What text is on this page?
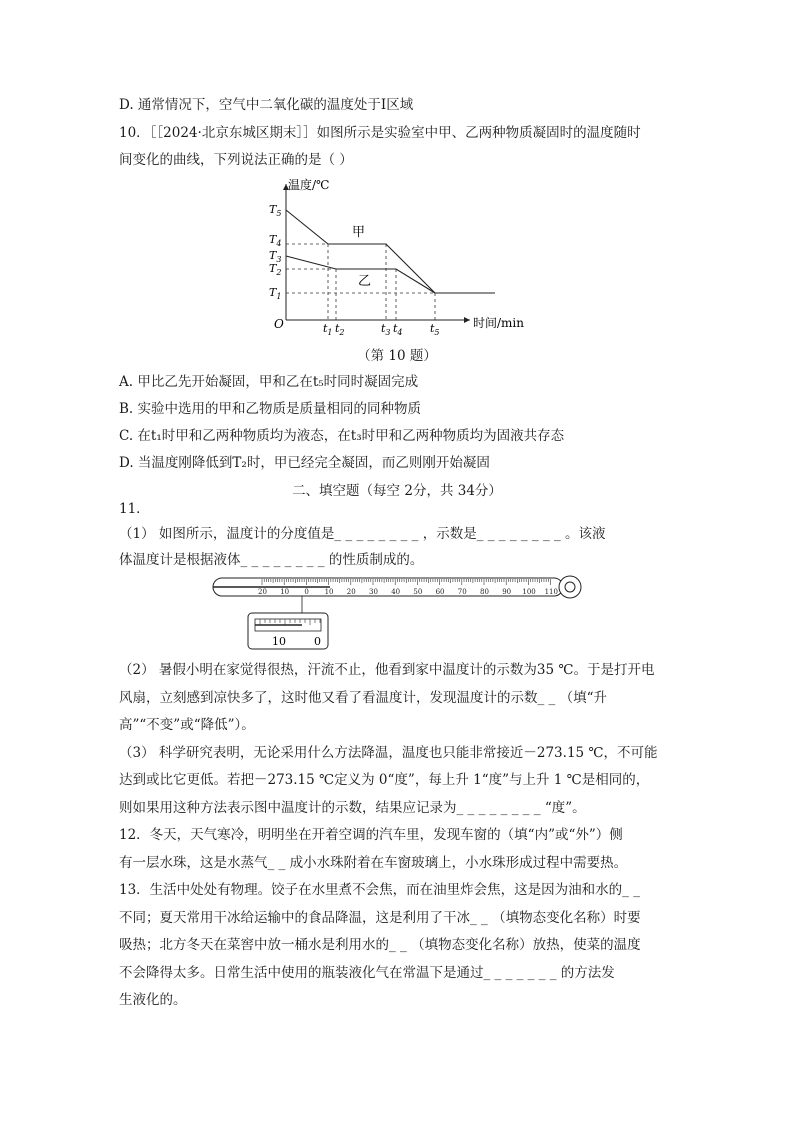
D. 通常情况下，空气中二氧化碳的温度处于Ⅰ区域
10．［［2024·北京东城区期末］］如图所示是实验室中甲、乙两种物质凝固时的温度随时
间变化的曲线，下列说法正确的是（ ）
温度/℃
时间/min
O
甲
乙
$T_5$
$T_4$
$T_3$
$T_2$
$T_1$
$t_1$ $t_2$	$t_3$ $t_4$ $t_5$
（第 10 题）
A. 甲比乙先开始凝固，甲和乙在t₅时同时凝固完成
B. 实验中选用的甲和乙物质是质量相同的同种物质
C. 在t₁时甲和乙两种物质均为液态，在t₃时甲和乙两种物质均为固液共存态
D. 当温度刚降低到T₂时，甲已经完全凝固，而乙则刚开始凝固
二、填空题（每空 2分，共 34分）
11．
（1） 如图所示，温度计的分度值是_ _ _ _ _ _ _ _ ，示数是_ _ _ _ _ _ _ _ 。该液
体温度计是根据液体_ _ _ _ _ _ _ _ 的性质制成的。
20 10 0 10 20 30 40 50 60 70 80 90 100 110
10	0
（2） 暑假小明在家觉得很热，汗流不止，他看到家中温度计的示数为35 ℃。于是打开电
风扇，立刻感到凉快多了，这时他又看了看温度计，发现温度计的示数_ _ （填“升
高”“不变”或“降低”）。
（3） 科学研究表明，无论采用什么方法降温，温度也只能非常接近－273.15 ℃，不可能
达到或比它更低。若把－273.15 ℃定义为 0“度”，每上升 1“度”与上升 1 ℃是相同的，
则如果用这种方法表示图中温度计的示数，结果应记录为_ _ _ _ _ _ _ _ “度”。
12．冬天，天气寒冷，明明坐在开着空调的汽车里，发现车窗的（填“内”或“外”）侧
有一层水珠，这是水蒸气_ _ 成小水珠附着在车窗玻璃上，小水珠形成过程中需要热。
13．生活中处处有物理。饺子在水里煮不会焦，而在油里炸会焦，这是因为油和水的_ _
不同；夏天常用干冰给运输中的食品降温，这是利用了干冰_ _ （填物态变化名称）时要
吸热；北方冬天在菜窖中放一桶水是利用水的_ _ （填物态变化名称）放热，使菜的温度
不会降得太多。日常生活中使用的瓶装液化气在常温下是通过_ _ _ _ _ _ _ 的方法发
生液化的。
